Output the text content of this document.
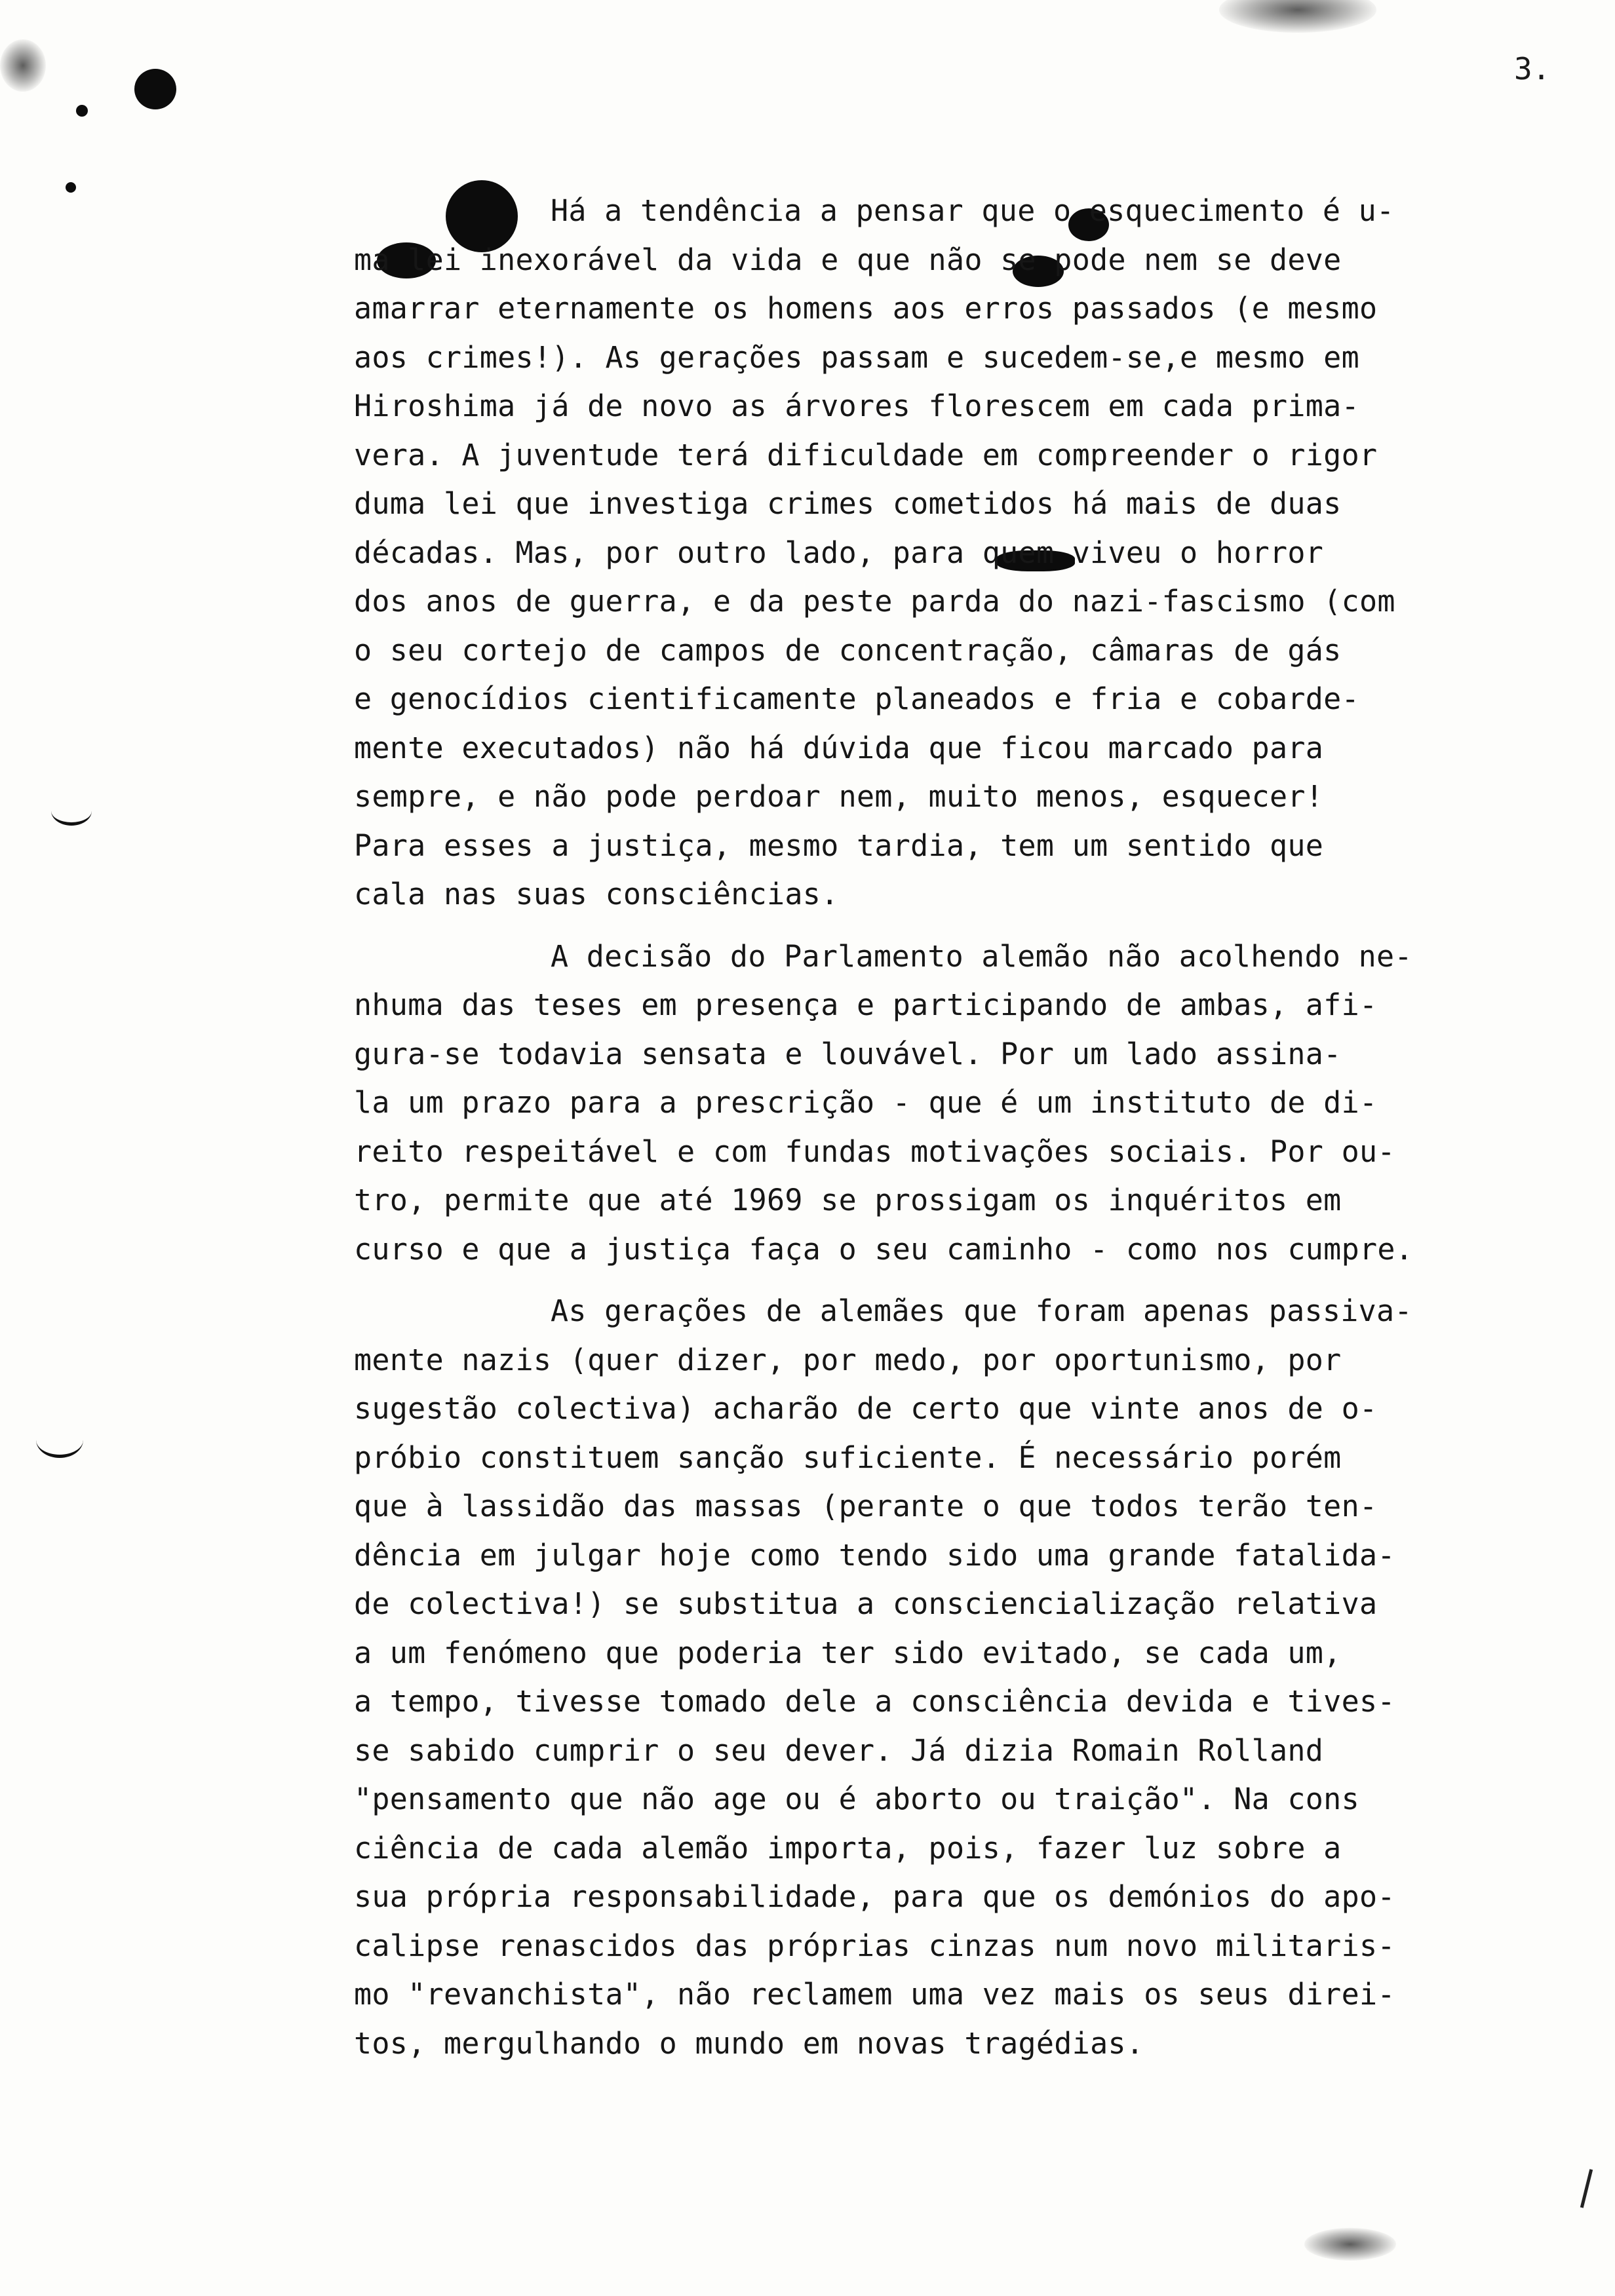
3.
Há a tendência a pensar que o esquecimento é u-
ma lei inexorável da vida e que não se pode nem se deve
amarrar eternamente os homens aos erros passados (e mesmo
aos crimes!). As gerações passam e sucedem-se,e mesmo em
Hiroshima já de novo as árvores florescem em cada prima-
vera. A juventude terá dificuldade em compreender o rigor
duma lei que investiga crimes cometidos há mais de duas
décadas. Mas, por outro lado, para quem viveu o horror
dos anos de guerra, e da peste parda do nazi-fascismo (com
o seu cortejo de campos de concentração, câmaras de gás
e genocídios cientificamente planeados e fria e cobarde-
mente executados) não há dúvida que ficou marcado para
sempre, e não pode perdoar nem, muito menos, esquecer!
Para esses a justiça, mesmo tardia, tem um sentido que
cala nas suas consciências.
A decisão do Parlamento alemão não acolhendo ne-
nhuma das teses em presença e participando de ambas, afi-
gura-se todavia sensata e louvável. Por um lado assina-
la um prazo para a prescrição - que é um instituto de di-
reito respeitável e com fundas motivações sociais. Por ou-
tro, permite que até 1969 se prossigam os inquéritos em
curso e que a justiça faça o seu caminho - como nos cumpre.
As gerações de alemães que foram apenas passiva-
mente nazis (quer dizer, por medo, por oportunismo, por
sugestão colectiva) acharão de certo que vinte anos de o-
próbio constituem sanção suficiente. É necessário porém
que à lassidão das massas (perante o que todos terão ten-
dência em julgar hoje como tendo sido uma grande fatalida-
de colectiva!) se substitua a consciencialização relativa
a um fenómeno que poderia ter sido evitado, se cada um,
a tempo, tivesse tomado dele a consciência devida e tives-
se sabido cumprir o seu dever. Já dizia Romain Rolland
"pensamento que não age ou é aborto ou traição". Na cons
ciência de cada alemão importa, pois, fazer luz sobre a
sua própria responsabilidade, para que os demónios do apo-
calipse renascidos das próprias cinzas num novo militaris-
mo "revanchista", não reclamem uma vez mais os seus direi-
tos, mergulhando o mundo em novas tragédias.
